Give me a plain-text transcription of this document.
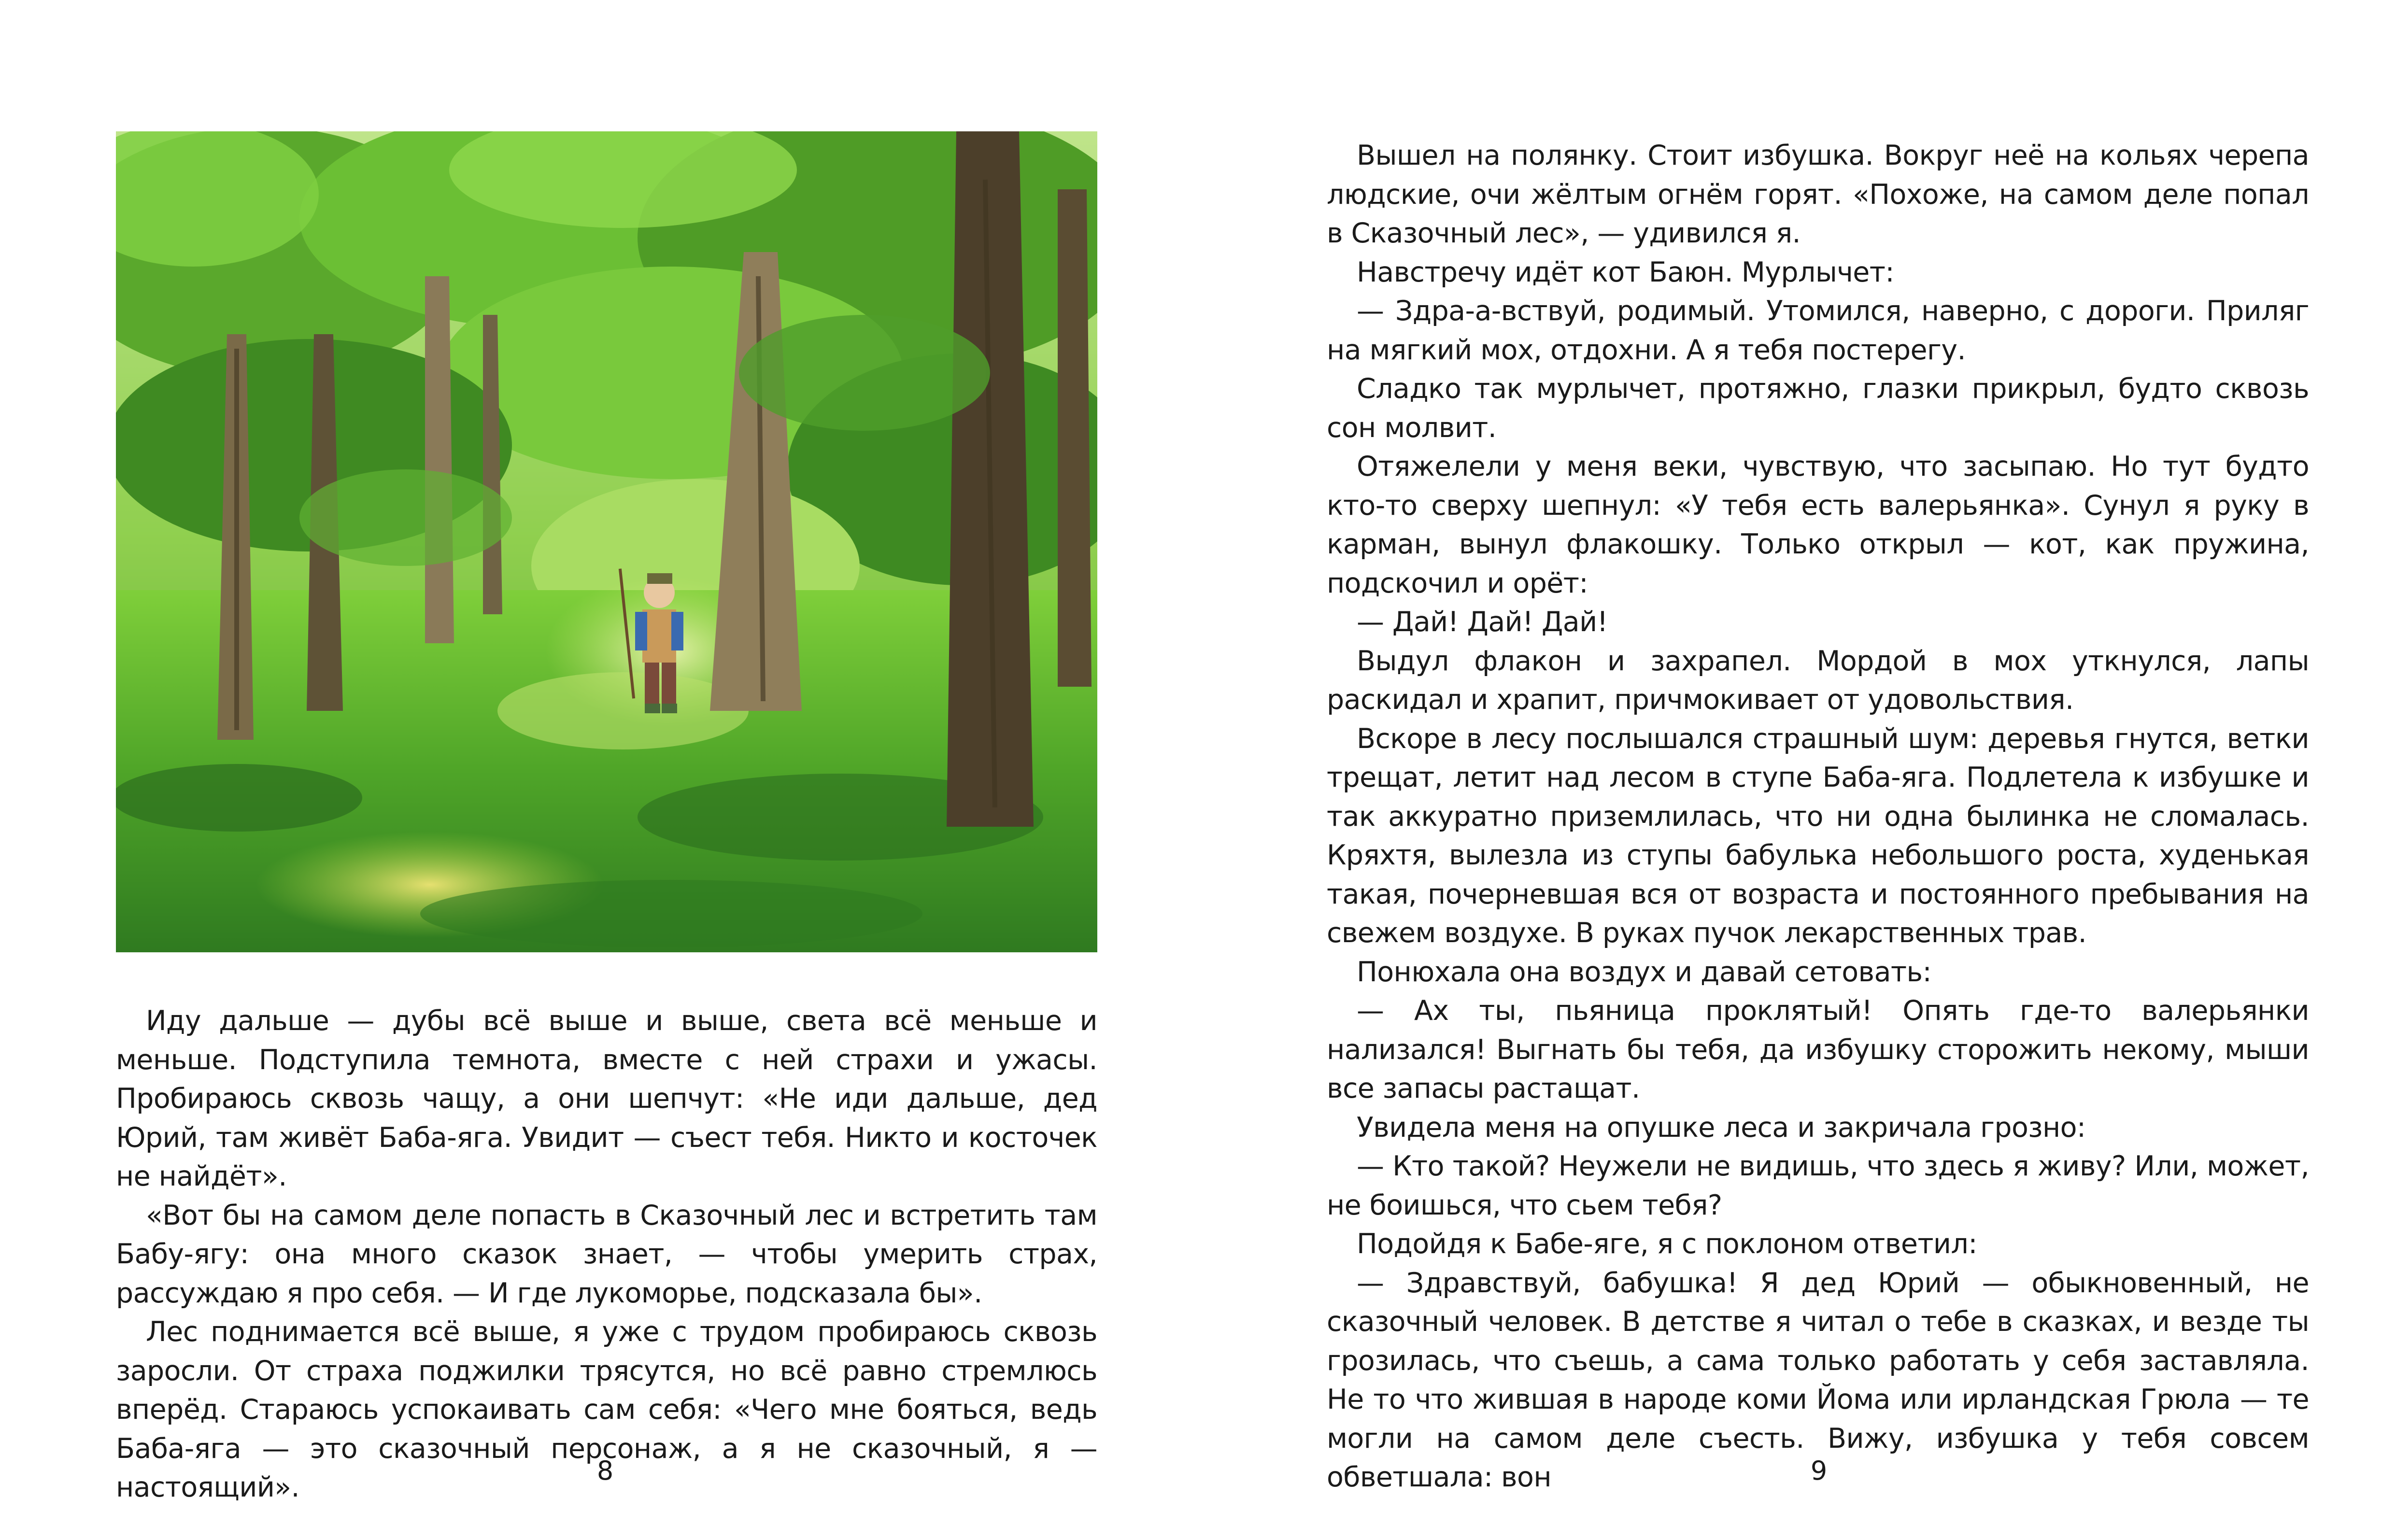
Иду дальше — дубы всё выше и выше, света всё меньше и меньше. Подступила темнота, вместе с ней страхи и ужасы. Пробираюсь сквозь чащу, а они шепчут: «Не иди дальше, дед Юрий, там живёт Баба-яга. Увидит — съест тебя. Никто и косточек не найдёт».

«Вот бы на самом деле попасть в Сказочный лес и встретить там Бабу-ягу: она много сказок знает, — чтобы умерить страх, рассуждаю я про себя. — И где лукоморье, подсказала бы».

Лес поднимается всё выше, я уже с трудом пробираюсь сквозь заросли. От страха поджилки трясутся, но всё равно стремлюсь вперёд. Стараюсь успокаивать сам себя: «Чего мне бояться, ведь Баба-яга — это сказочный персонаж, а я не сказочный, я — настоящий».

8

Вышел на полянку. Стоит избушка. Вокруг неё на кольях черепа людские, очи жёлтым огнём горят. «Похоже, на самом деле попал в Сказочный лес», — удивился я.

Навстречу идёт кот Баюн. Мурлычет:

— Здра-а-вствуй, родимый. Утомился, наверно, с дороги. Приляг на мягкий мох, отдохни. А я тебя постерегу.

Сладко так мурлычет, протяжно, глазки прикрыл, будто сквозь сон молвит.

Отяжелели у меня веки, чувствую, что засыпаю. Но тут будто кто-то сверху шепнул: «У тебя есть валерьянка». Сунул я руку в карман, вынул флакошку. Только открыл — кот, как пружина, подскочил и орёт:

— Дай! Дай! Дай!

Выдул флакон и захрапел. Мордой в мох уткнулся, лапы раскидал и храпит, причмокивает от удовольствия.

Вскоре в лесу послышался страшный шум: деревья гнутся, ветки трещат, летит над лесом в ступе Баба-яга. Подлетела к избушке и так аккуратно приземлилась, что ни одна былинка не сломалась. Кряхтя, вылезла из ступы бабулька небольшого роста, худенькая такая, почерневшая вся от возраста и постоянного пребывания на свежем воздухе. В руках пучок лекарственных трав.

Понюхала она воздух и давай сетовать:

— Ах ты, пьяница проклятый! Опять где-то валерьянки нализался! Выгнать бы тебя, да избушку сторожить некому, мыши все запасы растащат.

Увидела меня на опушке леса и закричала грозно:

— Кто такой? Неужели не видишь, что здесь я живу? Или, может, не боишься, что сьем тебя?

Подойдя к Бабе-яге, я с поклоном ответил:

— Здравствуй, бабушка! Я дед Юрий — обыкновенный, не сказочный человек. В детстве я читал о тебе в сказках, и везде ты грозилась, что съешь, а сама только работать у себя заставляла. Не то что жившая в народе коми Йома или ирландская Грюла — те могли на самом деле съесть. Вижу, избушка у тебя совсем обветшала: вон	9
